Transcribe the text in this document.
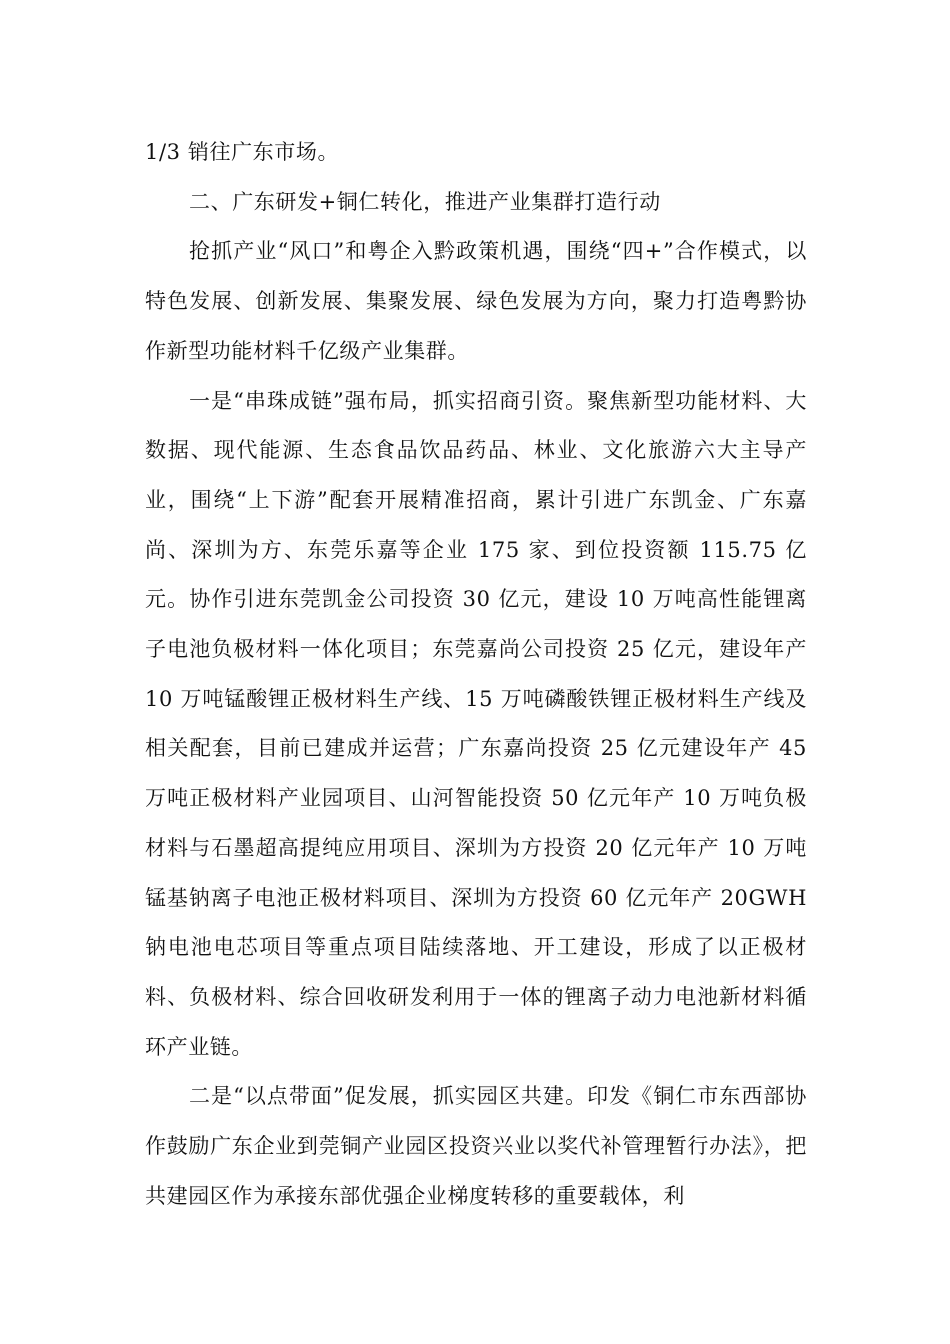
1/3 销往广东市场。

二、广东研发+铜仁转化，推进产业集群打造行动

抢抓产业“风口”和粤企入黔政策机遇，围绕“四+”合作模式，以特色发展、创新发展、集聚发展、绿色发展为方向，聚力打造粤黔协作新型功能材料千亿级产业集群。

一是“串珠成链”强布局，抓实招商引资。聚焦新型功能材料、大数据、现代能源、生态食品饮品药品、林业、文化旅游六大主导产业，围绕“上下游”配套开展精准招商，累计引进广东凯金、广东嘉尚、深圳为方、东莞乐嘉等企业 175 家、到位投资额 115.75 亿元。协作引进东莞凯金公司投资 30 亿元，建设 10 万吨高性能锂离子电池负极材料一体化项目；东莞嘉尚公司投资 25 亿元，建设年产 10 万吨锰酸锂正极材料生产线、15 万吨磷酸铁锂正极材料生产线及相关配套，目前已建成并运营；广东嘉尚投资 25 亿元建设年产 45 万吨正极材料产业园项目、山河智能投资 50 亿元年产 10 万吨负极材料与石墨超高提纯应用项目、深圳为方投资 20 亿元年产 10 万吨锰基钠离子电池正极材料项目、深圳为方投资 60 亿元年产 20GWH 钠电池电芯项目等重点项目陆续落地、开工建设，形成了以正极材料、负极材料、综合回收研发利用于一体的锂离子动力电池新材料循环产业链。

二是“以点带面”促发展，抓实园区共建。印发《铜仁市东西部协作鼓励广东企业到莞铜产业园区投资兴业以奖代补管理暂行办法》，把共建园区作为承接东部优强企业梯度转移的重要载体，利
